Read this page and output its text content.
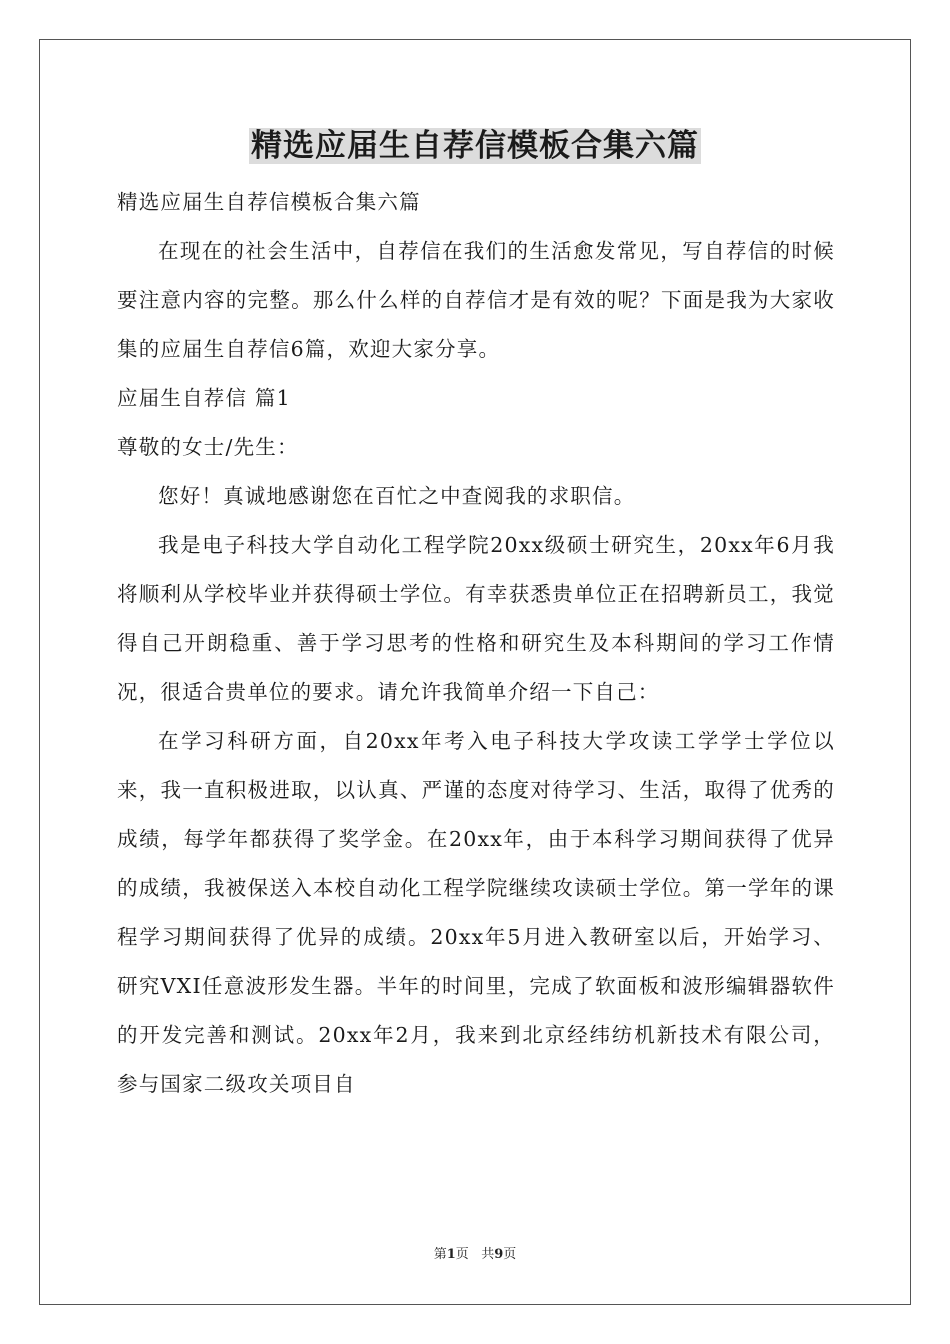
精选应届生自荐信模板合集六篇

精选应届生自荐信模板合集六篇

在现在的社会生活中，自荐信在我们的生活愈发常见，写自荐信的时候要注意内容的完整。那么什么样的自荐信才是有效的呢？下面是我为大家收集的应届生自荐信6篇，欢迎大家分享。

应届生自荐信 篇1

尊敬的女士/先生：

您好！真诚地感谢您在百忙之中查阅我的求职信。

我是电子科技大学自动化工程学院20xx级硕士研究生，20xx年6月我将顺利从学校毕业并获得硕士学位。有幸获悉贵单位正在招聘新员工，我觉得自己开朗稳重、善于学习思考的性格和研究生及本科期间的学习工作情况，很适合贵单位的要求。请允许我简单介绍一下自己：

在学习科研方面，自20xx年考入电子科技大学攻读工学学士学位以来，我一直积极进取，以认真、严谨的态度对待学习、生活，取得了优秀的成绩，每学年都获得了奖学金。在20xx年，由于本科学习期间获得了优异的成绩，我被保送入本校自动化工程学院继续攻读硕士学位。第一学年的课程学习期间获得了优异的成绩。20xx年5月进入教研室以后，开始学习、研究VXI任意波形发生器。半年的时间里，完成了软面板和波形编辑器软件的开发完善和测试。20xx年2月，我来到北京经纬纺机新技术有限公司，参与国家二级攻关项目自

第1页 共9页
